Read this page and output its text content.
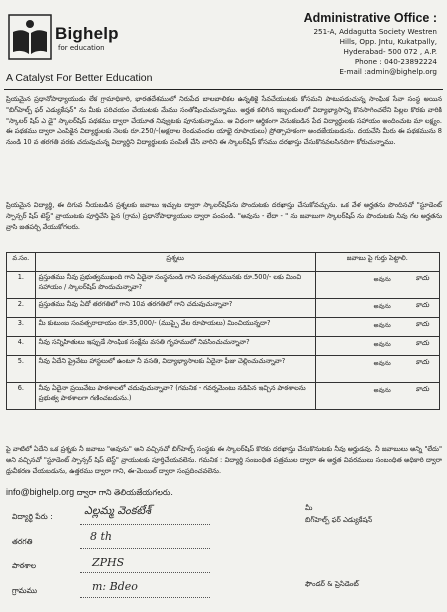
Bighelp
for education
A Catalyst For Better Education
Administrative Office :
251-A, Addagutta Society Westren
Hills, Opp. Jntu, Kukatpally,
Hyderabad- 500 072 , A.P.
Phone : 040-23892224
E-mail :admin@bighelp.org
ప్రియమైన ప్రధానోపాధ్యాయుడు లేక గ్రామాధికారి, భారతదేశములో నిరుపేద బాలబాలికల ఉన్నతికై సేవచేయుటకు కోసమని పాటుపడుచున్న సాంఘిక సేవా సంస్థ అయిన "బిగ్‌హెల్ప్ ఫర్ ఎడ్యుకేషన్" ను మీకు పరిచయం చేయుటకు మేము సంతోషించుచున్నాము. అర్హత కలిగిన ఇబ్బందులలో విద్యాభ్యాసాన్ని కొనసాగించలేని పిల్లల కొరకు వారికి "స్కాలర్ షిప్ ఎ డై" స్కాలర్‌షిప్ పథకము ద్వారా చేయూత నివ్వుటకు పూనుకున్నాము. ఆ విధంగా ఆర్థికంగా వెనుకబడిన పేద విద్యార్థులకు సహాయం అందించుట మా లక్ష్యం. ఈ పథకము ద్వారా ఎంపికైన విద్యార్థులకు నెలకు రూ.250/-(అక్షరాల రెండువందల యాభై రూపాయలు) ప్రోత్సాహకంగా అందజేయబడును. దయచేసి మీరు ఈ పథకమును 8 నుండి 10 వ తరగతి వరకు చదువుచున్న విద్యార్థిని విద్యార్థులకు పంపిణీ చేసి వారిని ఈ స్కాలర్‌షిప్ కోసము దరఖాస్తు చేసుకొనవలసినదిగా కోరుచున్నాము.
ప్రియమైన విద్యార్థి, ఈ దిగువ నీయబడిన ప్రశ్నలకు జవాబు ఇచ్చుట ద్వారా స్కాలర్‌షిప్‌ను పొందుటకు దరఖాస్తు చేసుకోవచ్చును. ఒక వేళ అర్హతను పొందినచో "స్టూడెంట్ స్పాన్సర్ షిప్ టెస్ట్" వ్రాయుటకు పూర్తిచేసి పైన (గ్రామ) ప్రధానోపాధ్యాయుల ద్వారా పంపండి. "అవును - లేదా - " ను జవాబుగా స్కాలర్‌షిప్ ను పొందుటకు నీవు గల అర్హతను వ్రాసి జతపర్చి వేయుకోగలరు.
వ.సం.	ప్రశ్నలు	జవాబు పై గుర్తు పెట్టాలి.
1.	ప్రస్తుతము నీవు ప్రభుత్వముఖంది గాని ఏదైనా సంస్థనుండి గాని సంవత్సరమునకు రూ.500/- లకు మించి సహాయం / స్కాలర్‌షిప్ పొందుచున్నావా?	అవును కాదు

2.	ప్రస్తుతము నీవు ఏదో తరగతిలో గాని 10వ తరగతిలో గాని చదువుచున్నావా?	అవును కాదు

3.	మీ కుటుంబ సంవత్సరాదాయం రూ.35,000/- (ముప్పై వేల రూపాయలు) మించియున్నదా?	అవును కాదు

4.	నీవు సన్నిహితులు ఇప్పుడే సాంఘిక సంక్షేమ వసతి గృహములో నివసించుచున్నావా?	అవును కాదు

5.	నీవు ఏదేని ప్రైవేటు హాస్టలులో ఉంటూ నీ వసతి, విద్యాభ్యాసాలకు ఏదైనా ఫీజు చెల్లించుచున్నావా?	అవును కాదు

6.	నీవు ఏదైనా ప్రయివేటు పాఠశాలలో చదువుచున్నావా? (గమనిక - గవర్నమెంటు నడిపిన ఇచ్చిన పాఠశాలను ప్రభుత్వ పాఠశాలగా గణించబడును.)	అవును కాదు
పై వాటిలో ఏదేని ఒక ప్రశ్నకు నీ జవాబు "అవును" అని వచ్చినచో బిగ్‌హెల్ప్ సంస్థకు ఈ స్కాలర్‌షిప్ కొరకు దరఖాస్తు చేసుకొనుటకు నీవు అర్హుడవు. నీ జవాబులు అన్ని "లేదు" అని వచ్చినచో "స్టూడెంట్ స్పాన్సర్ షిప్ టెస్ట్" వ్రాయుటకు పూర్తిచేయవలెను. గమనిక : విద్యార్థి సంబంధిత పత్రముల ద్వారా ఈ అర్హత వివరములు సంబంధిత అధికారి ద్వారా ధ్రువీకరణ చేయబడును, ఉత్తరము ద్వారా గాని, ఈ-మెయిల్ ద్వారా సంప్రదించవలెను.
info@bighelp.org ద్వారా గాని తెలియజేయగలరు.
విద్యార్థి పేరు :	ఎల్లమ్మ వెంకటేశ్
తరగతి	8 th
పాఠశాల	ZPHS
గ్రామము	m: Bdeo
మీ
బిగ్‌హెల్ప్ ఫర్ ఎడ్యుకేషన్
ఫౌండర్ & ప్రెసిడెంట్
